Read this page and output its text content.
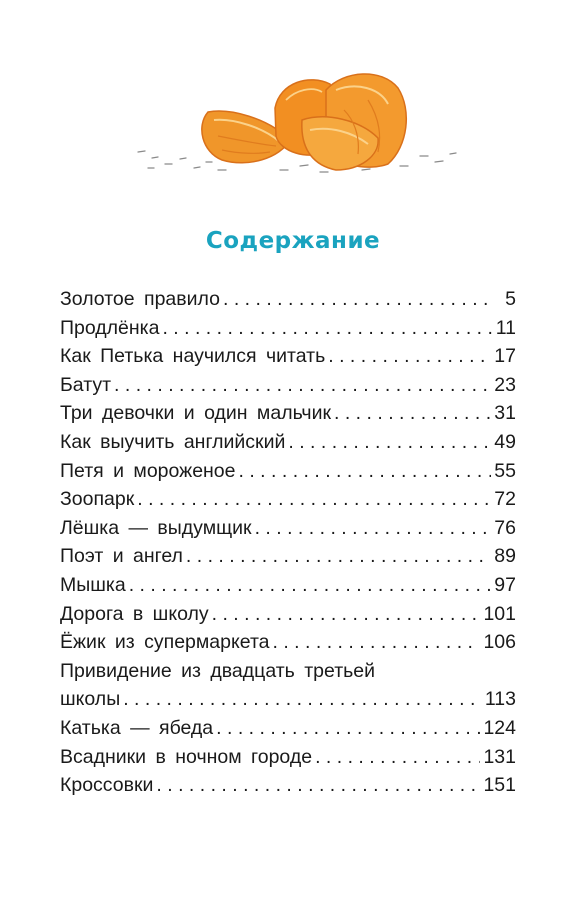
Содержание
Золотое правило . . .	5
Продлёнка . . .	11
Как Петька научился читать . . .	17
Батут . . .	23
Три девочки и один мальчик . . .	31
Как выучить английский . . .	49
Петя и мороженое . . .	55
Зоопарк . . .	72
Лёшка — выдумщик . . .	76
Поэт и ангел . . .	89
Мышка . . .	97
Дорога в школу . . .	101
Ёжик из супермаркета . . .	106
Привидение из двадцать третьей
школы . . .	113
Катька — ябеда . . .	124
Всадники в ночном городе . . .	131
Кроссовки . . .	151
